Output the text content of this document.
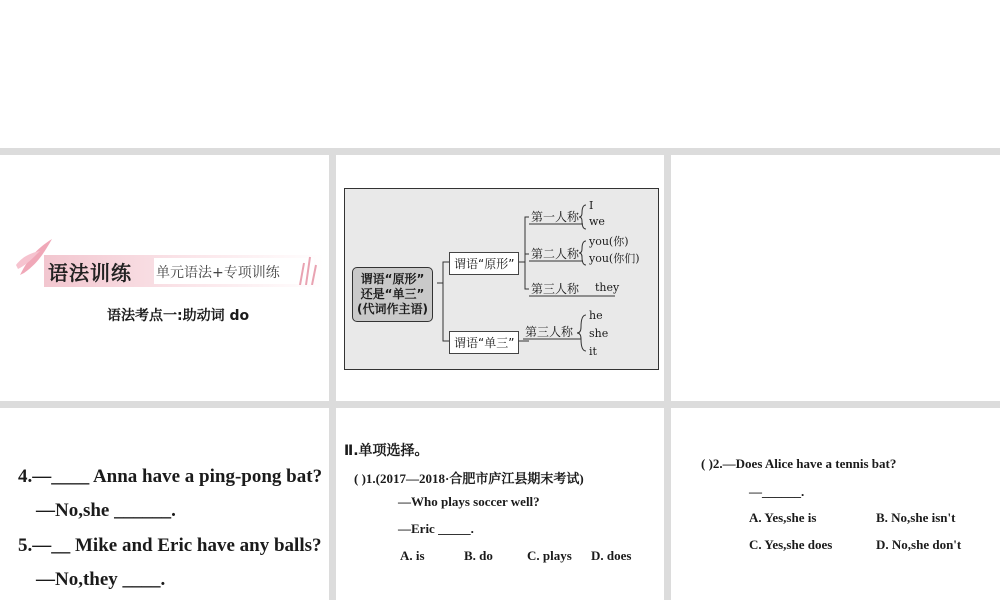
语法训练 单元语法+专项训练
语法考点一:助动词 do
谓语“原形”
还是“单三”
(代词作主语)
谓语“原形”
谓语“单三”
第一人称
I
we
第二人称
you(你)
you(你们)
第三人称 they
第三人称
he
she
it
4.—____ Anna have a ping-pong bat?
—No,she ______.
5.—__ Mike and Eric have any balls?
—No,they ____.
Ⅱ.单项选择。
( )1.(2017—2018·合肥市庐江县期末考试)
—Who plays soccer well?
—Eric _____.
A. is	B. do	C. plays D. does
( )2.—Does Alice have a tennis bat?
—______.
A. Yes,she is	B. No,she isn't
C. Yes,she does	D. No,she don't
